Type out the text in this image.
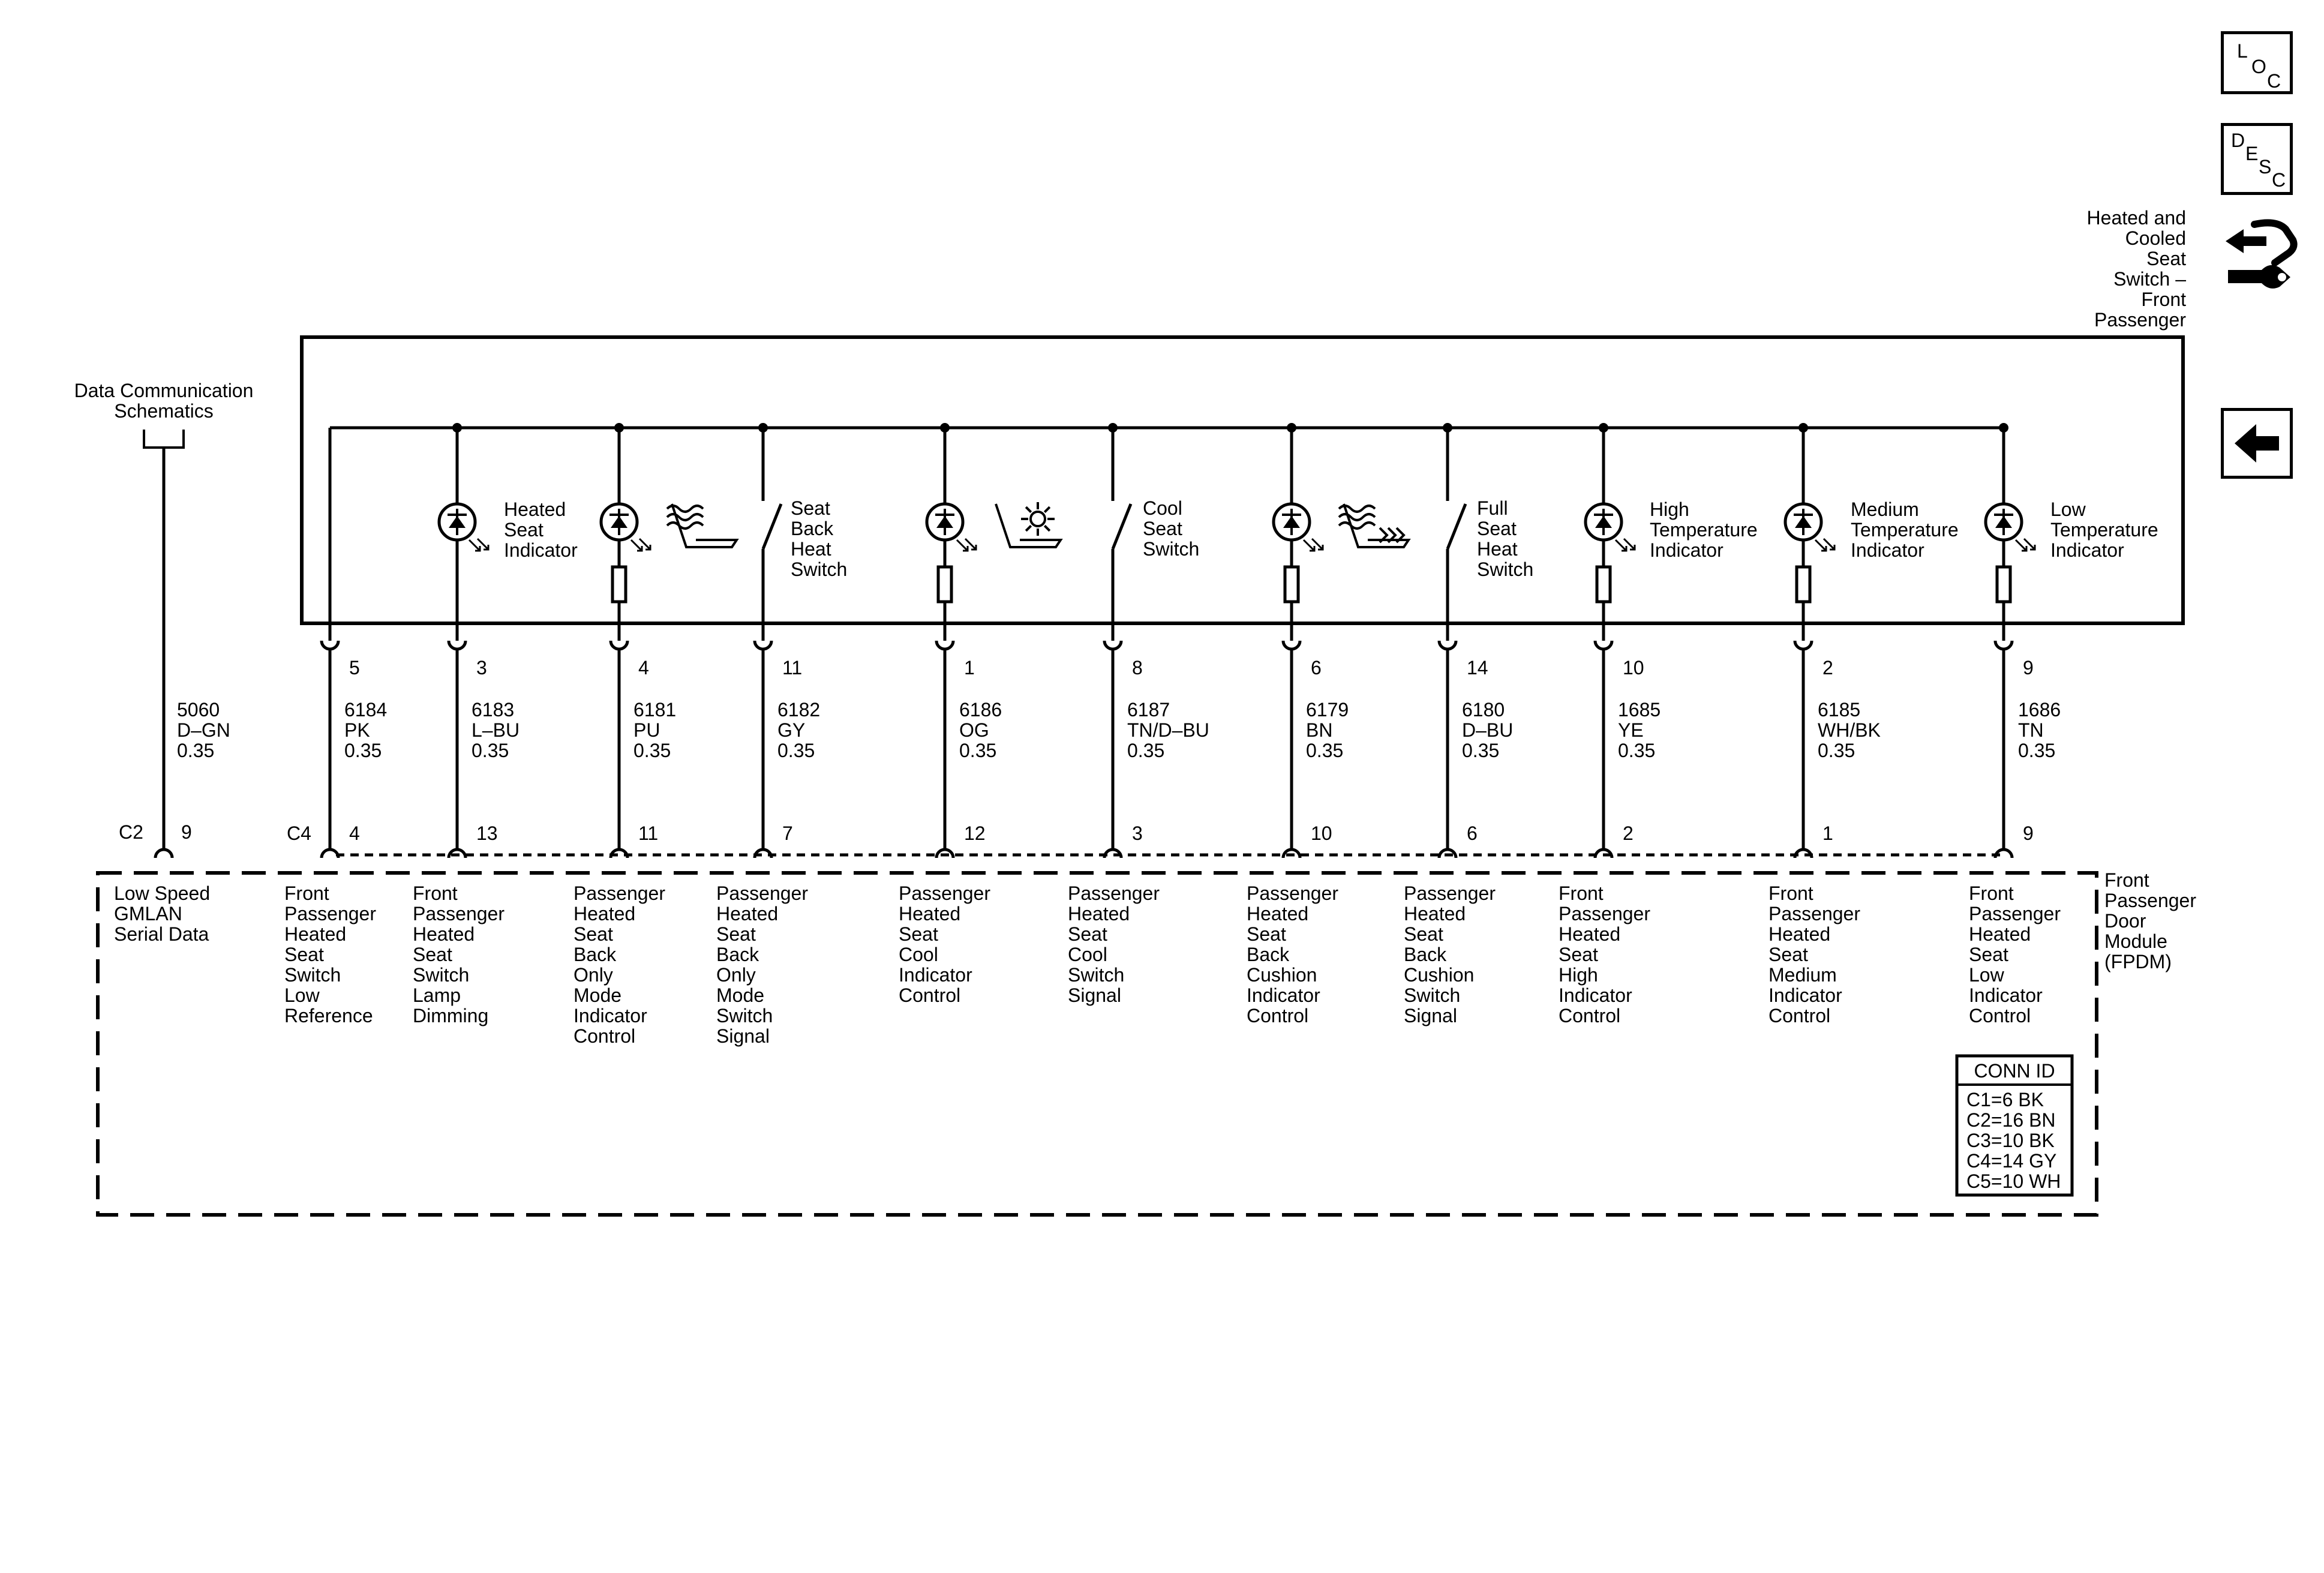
Heated and
Cooled
Seat
Switch –
Front
Passenger
Data Communication
Schematics
Front
Passenger
Door
Module
(FPDM)
CONN ID
C1=6 BK
C2=16 BN
C3=10 BK
C4=14 GY
C5=10 WH
5
6184
PK
0.35
4
Front
Passenger
Heated
Seat
Switch
Low
Reference
3
6183
L–BU
0.35
13
Front
Passenger
Heated
Seat
Switch
Lamp
Dimming
4
6181
PU
0.35
11
Passenger
Heated
Seat
Back
Only
Mode
Indicator
Control
11
6182
GY
0.35
7
Passenger
Heated
Seat
Back
Only
Mode
Switch
Signal
1
6186
OG
0.35
12
Passenger
Heated
Seat
Cool
Indicator
Control
8
6187
TN/D–BU
0.35
3
Passenger
Heated
Seat
Cool
Switch
Signal
6
6179
BN
0.35
10
Passenger
Heated
Seat
Back
Cushion
Indicator
Control
14
6180
D–BU
0.35
6
Passenger
Heated
Seat
Back
Cushion
Switch
Signal
10
1685
YE
0.35
2
Front
Passenger
Heated
Seat
High
Indicator
Control
2
6185
WH/BK
0.35
1
Front
Passenger
Heated
Seat
Medium
Indicator
Control
9
1686
TN
0.35
9
Front
Passenger
Heated
Seat
Low
Indicator
Control
Heated
Seat
Indicator
Seat
Back
Heat
Switch
Cool
Seat
Switch
Full
Seat
Heat
Switch
High
Temperature
Indicator
Medium
Temperature
Indicator
Low
Temperature
Indicator
5060
D–GN
0.35
C2 9
Low Speed
GMLAN
Serial Data
C4
L
O
C
D
E
S
C
